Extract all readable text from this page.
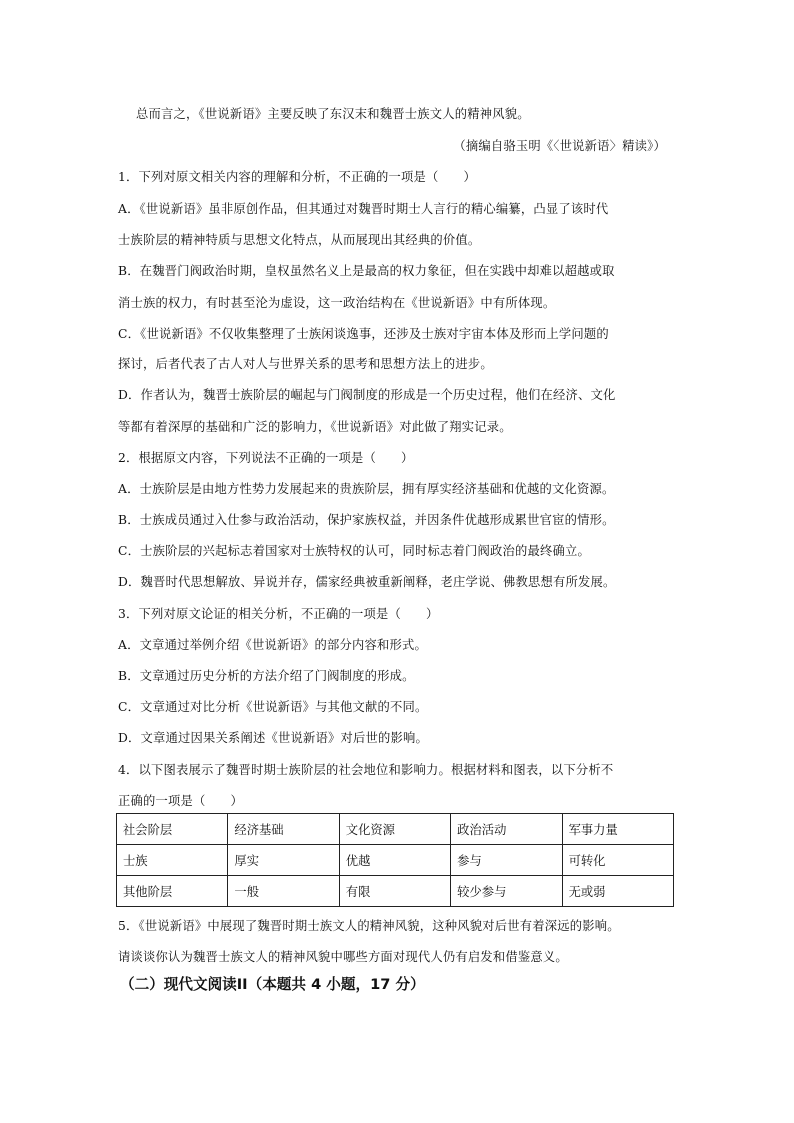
总而言之，《世说新语》主要反映了东汉末和魏晋士族文人的精神风貌。
（摘编自骆玉明《〈世说新语〉精读》）
1．下列对原文相关内容的理解和分析，不正确的一项是（　　）
A．《世说新语》虽非原创作品，但其通过对魏晋时期士人言行的精心编纂，凸显了该时代
士族阶层的精神特质与思想文化特点，从而展现出其经典的价值。
B．在魏晋门阀政治时期，皇权虽然名义上是最高的权力象征，但在实践中却难以超越或取
消士族的权力，有时甚至沦为虚设，这一政治结构在《世说新语》中有所体现。
C．《世说新语》不仅收集整理了士族闲谈逸事，还涉及士族对宇宙本体及形而上学问题的
探讨，后者代表了古人对人与世界关系的思考和思想方法上的进步。
D．作者认为，魏晋士族阶层的崛起与门阀制度的形成是一个历史过程，他们在经济、文化
等都有着深厚的基础和广泛的影响力，《世说新语》对此做了翔实记录。
2．根据原文内容，下列说法不正确的一项是（　　）
A．士族阶层是由地方性势力发展起来的贵族阶层，拥有厚实经济基础和优越的文化资源。
B．士族成员通过入仕参与政治活动，保护家族权益，并因条件优越形成累世官宦的情形。
C．士族阶层的兴起标志着国家对士族特权的认可，同时标志着门阀政治的最终确立。
D．魏晋时代思想解放、异说并存，儒家经典被重新阐释，老庄学说、佛教思想有所发展。
3．下列对原文论证的相关分析，不正确的一项是（　　）
A．文章通过举例介绍《世说新语》的部分内容和形式。
B．文章通过历史分析的方法介绍了门阀制度的形成。
C．文章通过对比分析《世说新语》与其他文献的不同。
D．文章通过因果关系阐述《世说新语》对后世的影响。
4．以下图表展示了魏晋时期士族阶层的社会地位和影响力。根据材料和图表，以下分析不
正确的一项是（　　）
社会阶层	经济基础	文化资源	政治活动	军事力量
士族	厚实	优越	参与	可转化
其他阶层	一般	有限	较少参与	无或弱
5．《世说新语》中展现了魏晋时期士族文人的精神风貌，这种风貌对后世有着深远的影响。
请谈谈你认为魏晋士族文人的精神风貌中哪些方面对现代人仍有启发和借鉴意义。
（二）现代文阅读II（本题共 4 小题，17 分）
